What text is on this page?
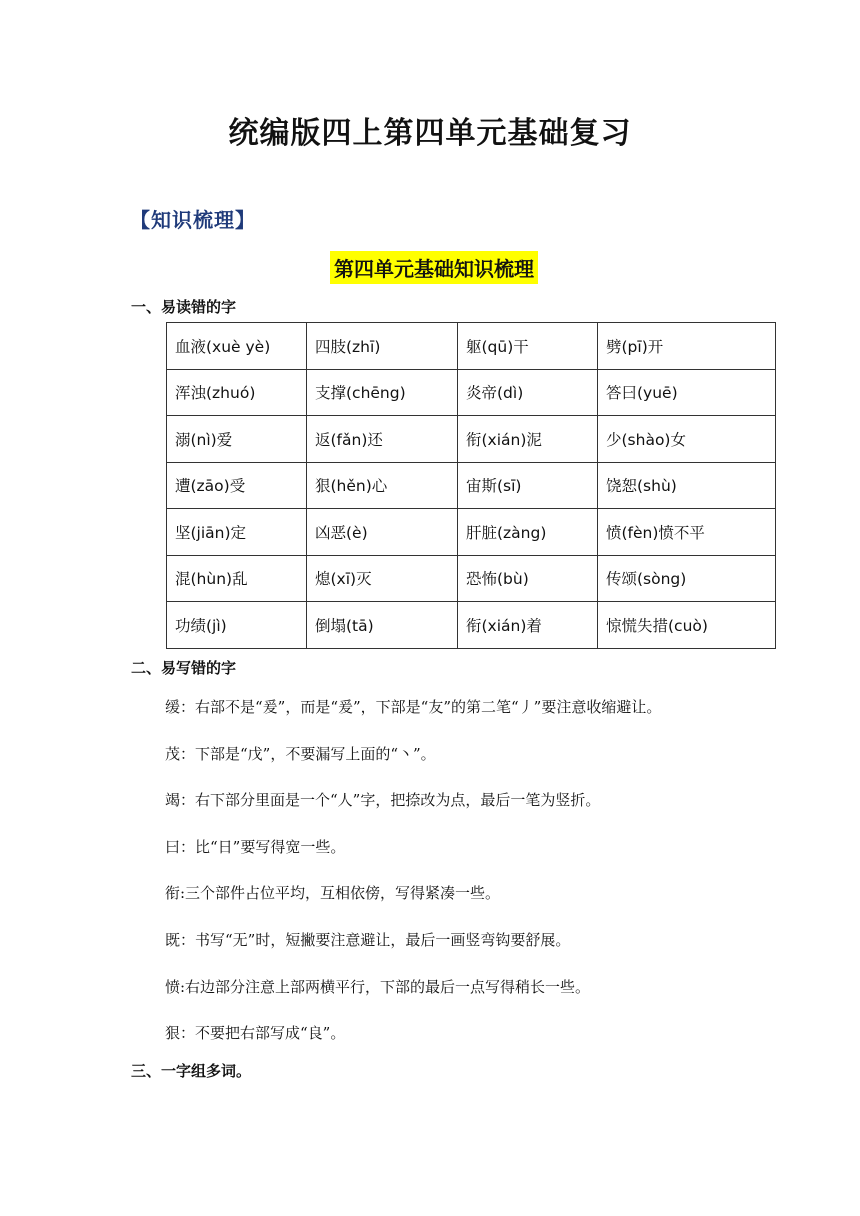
统编版四上第四单元基础复习
【知识梳理】
第四单元基础知识梳理
一、易读错的字
血液(xuè yè)	四肢(zhī)	躯(qū)干	劈(pī)开
浑浊(zhuó)	支撑(chēng)	炎帝(dì)	答曰(yuē)
溺(nì)爱	返(fǎn)还	衔(xián)泥	少(shào)女
遭(zāo)受	狠(hěn)心	宙斯(sī)	饶恕(shù)
坚(jiān)定	凶恶(è)	肝脏(zàng)	愤(fèn)愤不平
混(hùn)乱	熄(xī)灭	恐怖(bù)	传颂(sòng)
功绩(jì)	倒塌(tā)	衔(xián)着	惊慌失措(cuò)
二、易写错的字
缓：右部不是“爰”，而是“爰”，下部是“友”的第二笔“丿”要注意收缩避让。
茂：下部是“戊”，不要漏写上面的“丶”。
竭：右下部分里面是一个“人”字，把捺改为点，最后一笔为竖折。
曰：比“日”要写得宽一些。
衔:三个部件占位平均，互相依傍，写得紧凑一些。
既：书写“无”时，短撇要注意避让，最后一画竖弯钩要舒展。
愤:右边部分注意上部两横平行，下部的最后一点写得稍长一些。
狠：不要把右部写成“良”。
三、一字组多词。
